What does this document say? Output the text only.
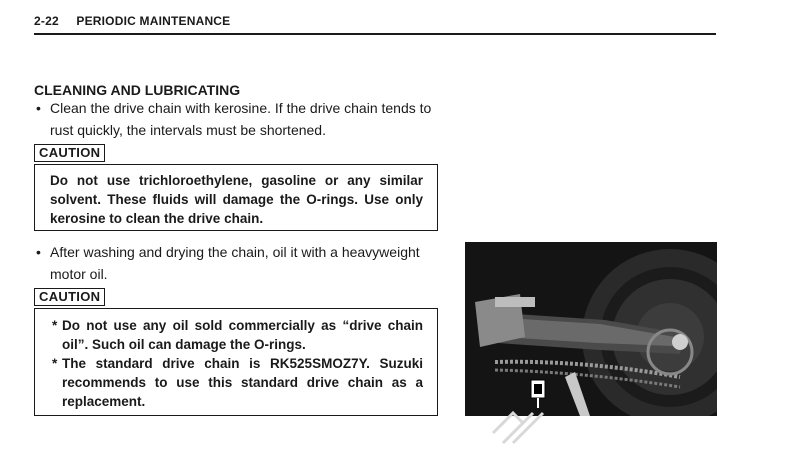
2-22 PERIODIC MAINTENANCE
CLEANING AND LUBRICATING
• Clean the drive chain with kerosine. If the drive chain tends to rust quickly, the intervals must be shortened.
CAUTION

Do not use trichloroethylene, gasoline or any similar solvent. These fluids will damage the O-rings. Use only kerosine to clean the drive chain.

• After washing and drying the chain, oil it with a heavyweight motor oil.
CAUTION
* Do not use any oil sold commercially as “drive chain oil”. Such oil can damage the O-rings.
* The standard drive chain is RK525SMOZ7Y. Suzuki recommends to use this standard drive chain as a replacement.
